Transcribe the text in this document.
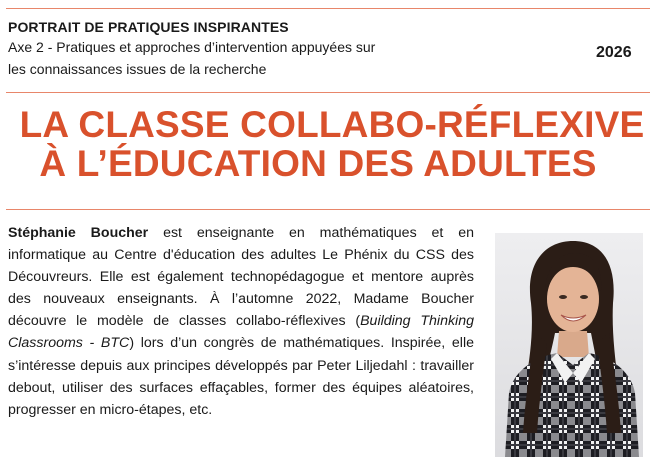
PORTRAIT DE PRATIQUES INSPIRANTES
Axe 2 - Pratiques et approches d’intervention appuyées sur
les connaissances issues de la recherche
2026
LA CLASSE COLLABO-RÉFLEXIVE
À L’ÉDUCATION DES ADULTES

Stéphanie Boucher est enseignante en mathématiques et en informatique au Centre d'éducation des adultes Le Phénix du CSS des Découvreurs. Elle est également technopédagogue et mentore auprès des nouveaux enseignants. À l’automne 2022, Madame Boucher découvre le modèle de classes collabo-réflexives (Building Thinking Classrooms - BTC) lors d’un congrès de mathématiques. Inspirée, elle s’intéresse depuis aux principes développés par Peter Liljedahl : travailler debout, utiliser des surfaces effaçables, former des équipes aléatoires, progresser en micro-étapes, etc.
